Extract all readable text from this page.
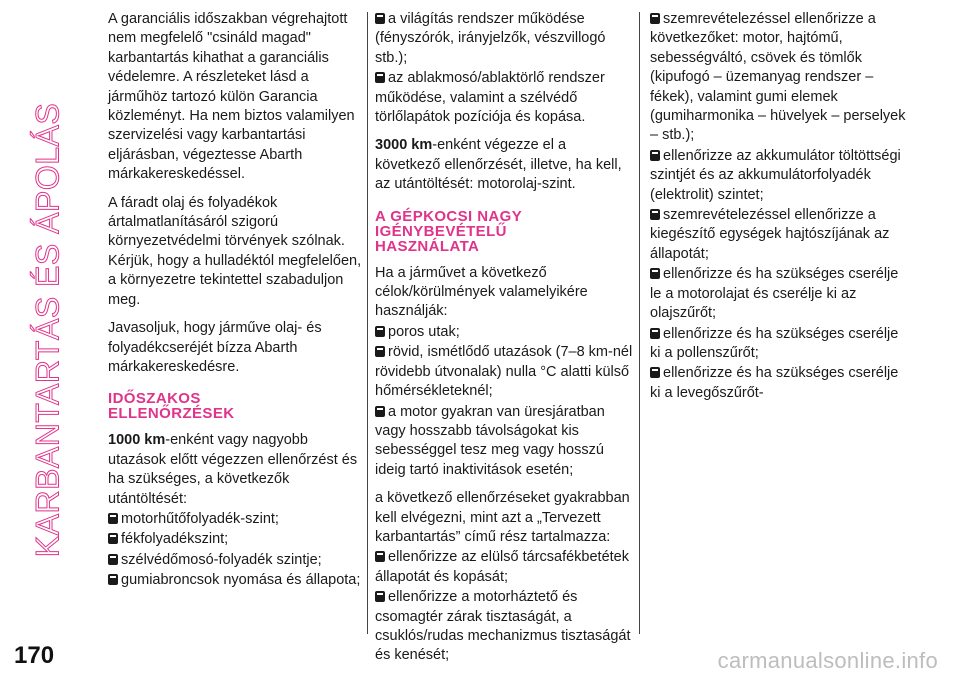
KARBANTARTÁS ÉS ÁPOLÁS
170	carmanualsonline.info

A garanciális időszakban végrehajtott nem megfelelő "csináld magad" karbantartás kihathat a garanciális védelemre. A részleteket lásd a járműhöz tartozó külön Garancia közleményt. Ha nem biztos valamilyen szervizelési vagy karbantartási eljárásban, végeztesse Abarth márkakereskedéssel.

A fáradt olaj és folyadékok ártalmatlanításáról szigorú környezetvédelmi törvények szólnak. Kérjük, hogy a hulladéktól megfelelően, a környezetre tekintettel szabaduljon meg.

Javasoljuk, hogy járműve olaj- és folyadékcseréjét bízza Abarth márkakereskedésre.

IDŐSZAKOS
ELLENŐRZÉSEK

1000 km-enként vagy nagyobb utazások előtt végezzen ellenőrzést és ha szükséges, a következők utántöltését:

motorhűtőfolyadék-szint;
fékfolyadékszint;
szélvédőmosó-folyadék szintje;
gumiabroncsok nyomása és állapota;
a világítás rendszer működése (fényszórók, irányjelzők, vészvillogó stb.);
az ablakmosó/ablaktörlő rendszer működése, valamint a szélvédő törlőlapátok pozíciója és kopása.

3000 km-enként végezze el a következő ellenőrzését, illetve, ha kell, az utántöltését: motorolaj-szint.

A GÉPKOCSI NAGY
IGÉNYBEVÉTELŰ
HASZNÁLATA

Ha a járművet a következő célok/körülmények valamelyikére használják:

poros utak;
rövid, ismétlődő utazások (7–8 km-nél rövidebb útvonalak) nulla °C alatti külső hőmérsékleteknél;
a motor gyakran van üresjáratban vagy hosszabb távolságokat kis sebességgel tesz meg vagy hosszú ideig tartó inaktivitások esetén;

a következő ellenőrzéseket gyakrabban kell elvégezni, mint azt a „Tervezett karbantartás” című rész tartalmazza:

ellenőrizze az elülső tárcsafékbetétek állapotát és kopását;
ellenőrizze a motorháztető és csomagtér zárak tisztaságát, a csuklós/rudas mechanizmus tisztaságát és kenését;
szemrevételezéssel ellenőrizze a következőket: motor, hajtómű, sebességváltó, csövek és tömlők (kipufogó – üzemanyag rendszer – fékek), valamint gumi elemek (gumiharmonika – hüvelyek – perselyek – stb.);
ellenőrizze az akkumulátor töltöttségi szintjét és az akkumulátorfolyadék (elektrolit) szintet;
szemrevételezéssel ellenőrizze a kiegészítő egységek hajtószíjának az állapotát;
ellenőrizze és ha szükséges cserélje le a motorolajat és cserélje ki az olajszűrőt;
ellenőrizze és ha szükséges cserélje ki a pollenszűrőt;
ellenőrizze és ha szükséges cserélje ki a levegőszűrőt-
